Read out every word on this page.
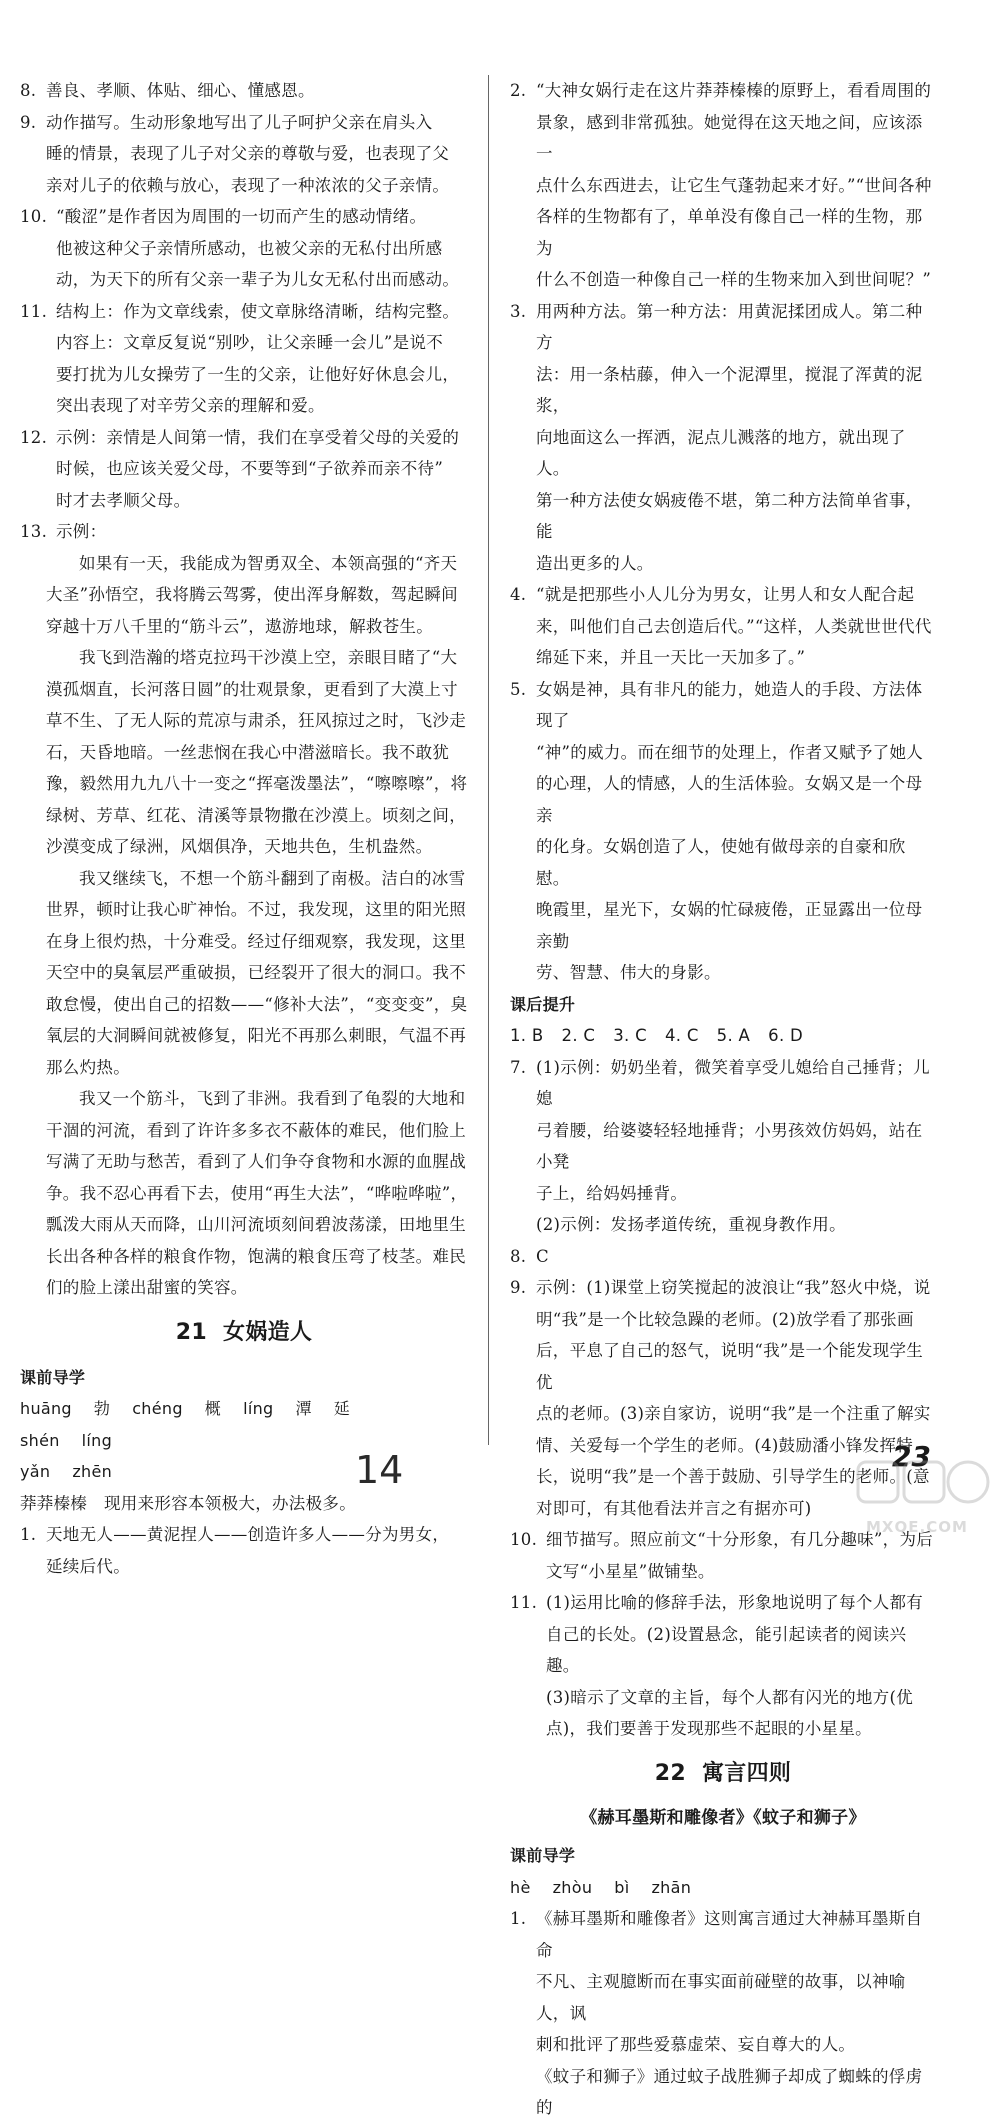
8. 善良、孝顺、体贴、细心、懂感恩。
9. 动作描写。生动形象地写出了儿子呵护父亲在肩头入
睡的情景，表现了儿子对父亲的尊敬与爱，也表现了父
亲对儿子的依赖与放心，表现了一种浓浓的父子亲情。
10. “酸涩”是作者因为周围的一切而产生的感动情绪。
他被这种父子亲情所感动，也被父亲的无私付出所感
动，为天下的所有父亲一辈子为儿女无私付出而感动。
11. 结构上：作为文章线索，使文章脉络清晰，结构完整。
内容上：文章反复说“别吵，让父亲睡一会儿”是说不
要打扰为儿女操劳了一生的父亲，让他好好休息会儿，
突出表现了对辛劳父亲的理解和爱。
12. 示例：亲情是人间第一情，我们在享受着父母的关爱的
时候，也应该关爱父母，不要等到“子欲养而亲不待”
时才去孝顺父母。
13. 示例：
如果有一天，我能成为智勇双全、本领高强的“齐天大圣”孙悟空，我将腾云驾雾，使出浑身解数，驾起瞬间穿越十万八千里的“筋斗云”，遨游地球，解救苍生。
我飞到浩瀚的塔克拉玛干沙漠上空，亲眼目睹了“大漠孤烟直，长河落日圆”的壮观景象，更看到了大漠上寸草不生、了无人际的荒凉与肃杀，狂风掠过之时，飞沙走石，天昏地暗。一丝悲悯在我心中潜滋暗长。我不敢犹豫，毅然用九九八十一变之“挥毫泼墨法”，“嚓嚓嚓”，将绿树、芳草、红花、清溪等景物撒在沙漠上。顷刻之间，沙漠变成了绿洲，风烟俱净，天地共色，生机盎然。
我又继续飞，不想一个筋斗翻到了南极。洁白的冰雪世界，顿时让我心旷神怡。不过，我发现，这里的阳光照在身上很灼热，十分难受。经过仔细观察，我发现，这里天空中的臭氧层严重破损，已经裂开了很大的洞口。我不敢怠慢，使出自己的招数——“修补大法”，“变变变”，臭氧层的大洞瞬间就被修复，阳光不再那么刺眼，气温不再那么灼热。
我又一个筋斗，飞到了非洲。我看到了龟裂的大地和干涸的河流，看到了许许多多衣不蔽体的难民，他们脸上写满了无助与愁苦，看到了人们争夺食物和水源的血腥战争。我不忍心再看下去，使用“再生大法”，“哗啦哗啦”，瓢泼大雨从天而降，山川河流顷刻间碧波荡漾，田地里生长出各种各样的粮食作物，饱满的粮食压弯了枝茎。难民们的脸上漾出甜蜜的笑容。
21 女娲造人
课前导学
huāng 勃 chéng 概 líng 潭 延shén líng
yǎn zhēn
莽莽榛榛　现用来形容本领极大，办法极多。
1. 天地无人——黄泥捏人——创造许多人——分为男女，
延续后代。
2. “大神女娲行走在这片莽莽榛榛的原野上，看看周围的
景象，感到非常孤独。她觉得在这天地之间，应该添一
点什么东西进去，让它生气蓬勃起来才好。”“世间各种
各样的生物都有了，单单没有像自己一样的生物，那为
什么不创造一种像自己一样的生物来加入到世间呢？”
3. 用两种方法。第一种方法：用黄泥揉团成人。第二种方
法：用一条枯藤，伸入一个泥潭里，搅混了浑黄的泥浆，
向地面这么一挥洒，泥点儿溅落的地方，就出现了人。
第一种方法使女娲疲倦不堪，第二种方法简单省事，能
造出更多的人。
4. “就是把那些小人儿分为男女，让男人和女人配合起
来，叫他们自己去创造后代。”“这样，人类就世世代代
绵延下来，并且一天比一天加多了。”
5. 女娲是神，具有非凡的能力，她造人的手段、方法体现了
“神”的威力。而在细节的处理上，作者又赋予了她人
的心理，人的情感，人的生活体验。女娲又是一个母亲
的化身。女娲创造了人，使她有做母亲的自豪和欣慰。
晚霞里，星光下，女娲的忙碌疲倦，正显露出一位母亲勤
劳、智慧、伟大的身影。
课后提升
1. B 2. C 3. C 4. C 5. A 6. D
7. (1)示例：奶奶坐着，微笑着享受儿媳给自己捶背；儿媳
弓着腰，给婆婆轻轻地捶背；小男孩效仿妈妈，站在小凳
子上，给妈妈捶背。
(2)示例：发扬孝道传统，重视身教作用。
8. C
9. 示例：(1)课堂上窃笑搅起的波浪让“我”怒火中烧，说
明“我”是一个比较急躁的老师。(2)放学看了那张画
后，平息了自己的怒气，说明“我”是一个能发现学生优
点的老师。(3)亲自家访，说明“我”是一个注重了解实
情、关爱每一个学生的老师。(4)鼓励潘小锋发挥特
长，说明“我”是一个善于鼓励、引导学生的老师。(意
对即可，有其他看法并言之有据亦可)
10. 细节描写。照应前文“十分形象，有几分趣味”，为后
文写“小星星”做铺垫。
11. (1)运用比喻的修辞手法，形象地说明了每个人都有
自己的长处。(2)设置悬念，能引起读者的阅读兴趣。
(3)暗示了文章的主旨，每个人都有闪光的地方(优
点)，我们要善于发现那些不起眼的小星星。
22 寓言四则
《赫耳墨斯和雕像者》《蚊子和狮子》
课前导学
hè zhòu bì zhān
1. 《赫耳墨斯和雕像者》这则寓言通过大神赫耳墨斯自命
不凡、主观臆断而在事实面前碰壁的故事，以神喻人，讽
刺和批评了那些爱慕虚荣、妄自尊大的人。
《蚊子和狮子》通过蚊子战胜狮子却成了蜘蛛的俘虏的
14	23
MXQE.COM
